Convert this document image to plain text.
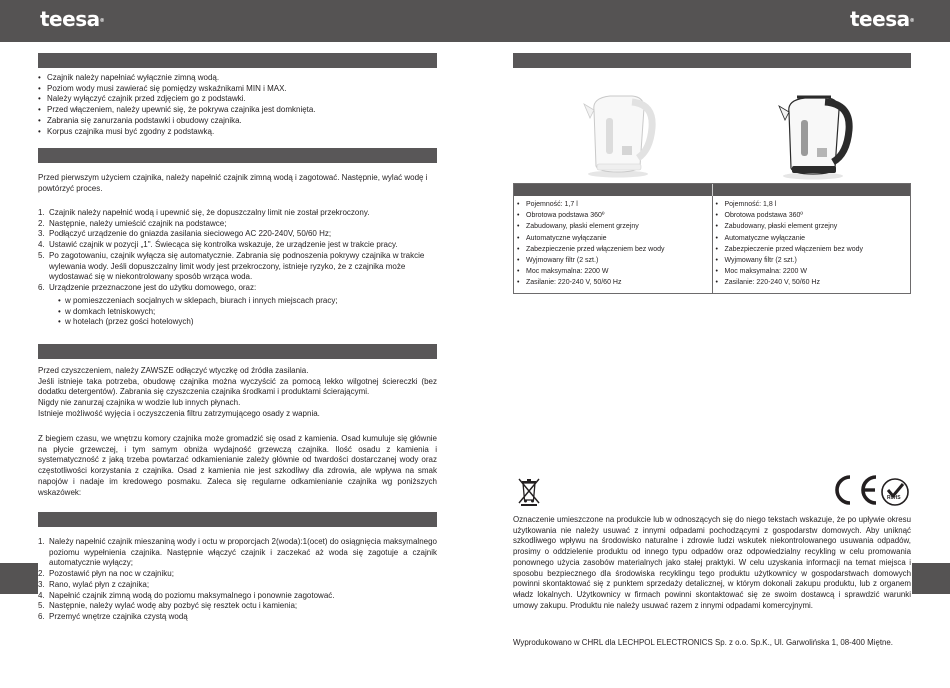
teesa®	teesa®
• Czajnik należy napełniać wyłącznie zimną wodą.
• Poziom wody musi zawierać się pomiędzy wskaźnikami MIN i MAX.
• Należy wyłączyć czajnik przed zdjęciem go z podstawki.
• Przed włączeniem, należy upewnić się, że pokrywa czajnika jest domknięta.
• Zabrania się zanurzania podstawki i obudowy czajnika.
• Korpus czajnika musi być zgodny z podstawką.

Przed pierwszym użyciem czajnika, należy napełnić czajnik zimną wodą i zagotować. Następnie, wylać wodę i powtórzyć proces.

1. Czajnik należy napełnić wodą i upewnić się, że dopuszczalny limit nie został przekroczony.
2. Następnie, należy umieścić czajnik na podstawce;
3. Podłączyć urządzenie do gniazda zasilania sieciowego AC 220-240V, 50/60 Hz;
4. Ustawić czajnik w pozycji „1". Świecąca się kontrolka wskazuje, że urządzenie jest w trakcie pracy.
5. Po zagotowaniu, czajnik wyłącza się automatycznie. Zabrania się podnoszenia pokrywy czajnika w trakcie wylewania wody. Jeśli dopuszczalny limit wody jest przekroczony, istnieje ryzyko, że z czajnika może wydostawać się w niekontrolowany sposób wrząca woda.
6. Urządzenie przeznaczone jest do użytku domowego, oraz:
• w pomieszczeniach socjalnych w sklepach, biurach i innych miejscach pracy;
• w domkach letniskowych;
• w hotelach (przez gości hotelowych)

Przed czyszczeniem, należy ZAWSZE odłączyć wtyczkę od źródła zasilania.

Jeśli istnieje taka potrzeba, obudowę czajnika można wyczyścić za pomocą lekko wilgotnej ściereczki (bez dodatku detergentów). Zabrania się czyszczenia czajnika środkami i produktami ścierającymi.

Nigdy nie zanurzaj czajnika w wodzie lub innych płynach.

Istnieje możliwość wyjęcia i oczyszczenia filtru zatrzymującego osady z wapnia.

Z biegiem czasu, we wnętrzu komory czajnika może gromadzić się osad z kamienia. Osad kumuluje się głównie na płycie grzewczej, i tym samym obniża wydajność grzewczą czajnika. Ilość osadu z kamienia i systematyczność z jaką trzeba powtarzać odkamienianie zależy głównie od twardości dostarczanej wody oraz częstotliwości korzystania z czajnika. Osad z kamienia nie jest szkodliwy dla zdrowia, ale wpływa na smak napojów i nadaje im kredowego posmaku. Zaleca się regularne odkamienianie czajnika wg poniższych wskazówek:

1. Należy napełnić czajnik mieszaniną wody i octu w proporcjach 2(woda):1(ocet) do osiągnięcia maksymalnego poziomu wypełnienia czajnika. Następnie włączyć czajnik i zaczekać aż woda się zagotuje a czajnik automatycznie wyłączy;
2. Pozostawić płyn na noc w czajniku;
3. Rano, wylać płyn z czajnika;
4. Napełnić czajnik zimną wodą do poziomu maksymalnego i ponownie zagotować.
5. Następnie, należy wylać wodę aby pozbyć się resztek octu i kamienia;
6. Przemyć wnętrze czajnika czystą wodą
• Pojemność: 1,7 l
• Obrotowa podstawa 360º
• Zabudowany, płaski element grzejny
• Automatyczne wyłączanie
• Zabezpieczenie przed włączeniem bez wody
• Wyjmowany filtr (2 szt.)
• Moc maksymalna: 2200 W
• Zasilanie: 220-240 V, 50/60 Hz
• Pojemność: 1,8 l
• Obrotowa podstawa 360º
• Zabudowany, płaski element grzejny
• Automatyczne wyłączanie
• Zabezpieczenie przed włączeniem bez wody
• Wyjmowany filtr (2 szt.)
• Moc maksymalna: 2200 W
• Zasilanie: 220-240 V, 50/60 Hz
RoHS

Oznaczenie umieszczone na produkcie lub w odnoszących się do niego tekstach wskazuje, że po upływie okresu użytkowania nie należy usuwać z innymi odpadami pochodzącymi z gospodarstw domowych. Aby uniknąć szkodliwego wpływu na środowisko naturalne i zdrowie ludzi wskutek niekontrolowanego usuwania odpadów, prosimy o oddzielenie produktu od innego typu odpadów oraz odpowiedzialny recykling w celu promowania ponownego użycia zasobów materialnych jako stałej praktyki. W celu uzyskania informacji na temat miejsca i sposobu bezpiecznego dla środowiska recyklingu tego produktu użytkownicy w gospodarstwach domowych powinni skontaktować się z punktem sprzedaży detalicznej, w którym dokonali zakupu produktu, lub z organem władz lokalnych. Użytkownicy w firmach powinni skontaktować się ze swoim dostawcą i sprawdzić warunki umowy zakupu. Produktu nie należy usuwać razem z innymi odpadami komercyjnymi.

Wyprodukowano w CHRL dla LECHPOL ELECTRONICS Sp. z o.o. Sp.K., Ul. Garwolińska 1, 08-400 Miętne.
